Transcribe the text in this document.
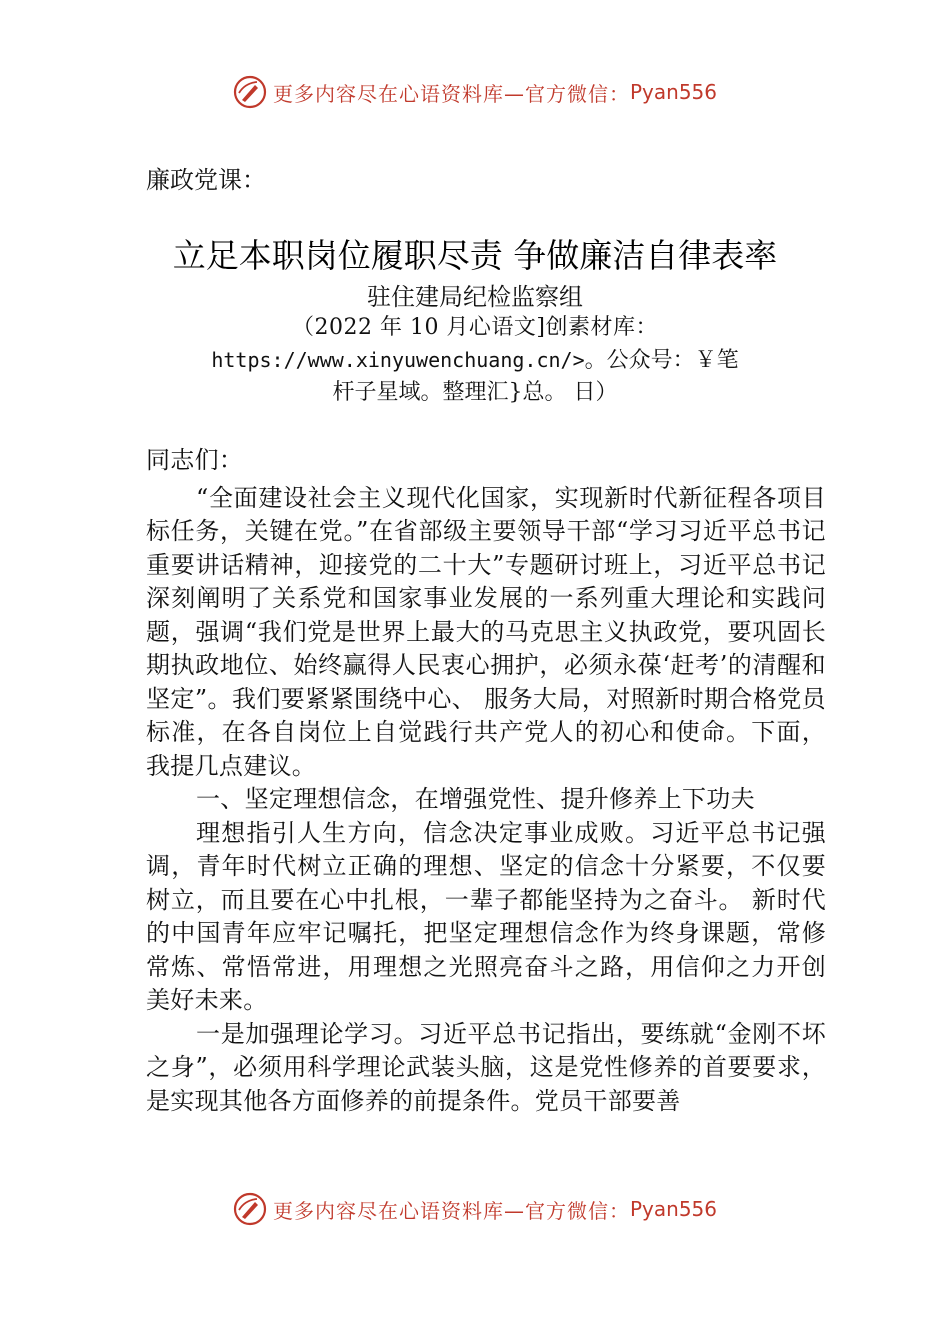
更多内容尽在心语资料库—官方微信： Pyan556
廉政党课：
立足本职岗位履职尽责 争做廉洁自律表率
驻住建局纪检监察组
（2022 年 10 月心语文]创素材库：
https://www.xinyuwenchuang.cn/>。公众号：￥笔
杆子星域。整理汇}总。 日）

同志们：

“全面建设社会主义现代化国家，实现新时代新征程各项目标任务，关键在党。”在省部级主要领导干部“学习习近平总书记重要讲话精神，迎接党的二十大”专题研讨班上，习近平总书记深刻阐明了关系党和国家事业发展的一系列重大理论和实践问题，强调“我们党是世界上最大的马克思主义执政党，要巩固长期执政地位、始终赢得人民衷心拥护，必须永葆‘赶考’的清醒和坚定”。我们要紧紧围绕中心、 服务大局，对照新时期合格党员标准，在各自岗位上自觉践行共产党人的初心和使命。下面，我提几点建议。

一、坚定理想信念，在增强党性、提升修养上下功夫

理想指引人生方向，信念决定事业成败。习近平总书记强调，青年时代树立正确的理想、坚定的信念十分紧要，不仅要树立，而且要在心中扎根，一辈子都能坚持为之奋斗。 新时代的中国青年应牢记嘱托，把坚定理想信念作为终身课题，常修常炼、常悟常进，用理想之光照亮奋斗之路，用信仰之力开创美好未来。

一是加强理论学习。习近平总书记指出，要练就“金刚不坏之身”，必须用科学理论武装头脑，这是党性修养的首要要求，是实现其他各方面修养的前提条件。党员干部要善

更多内容尽在心语资料库—官方微信： Pyan556
